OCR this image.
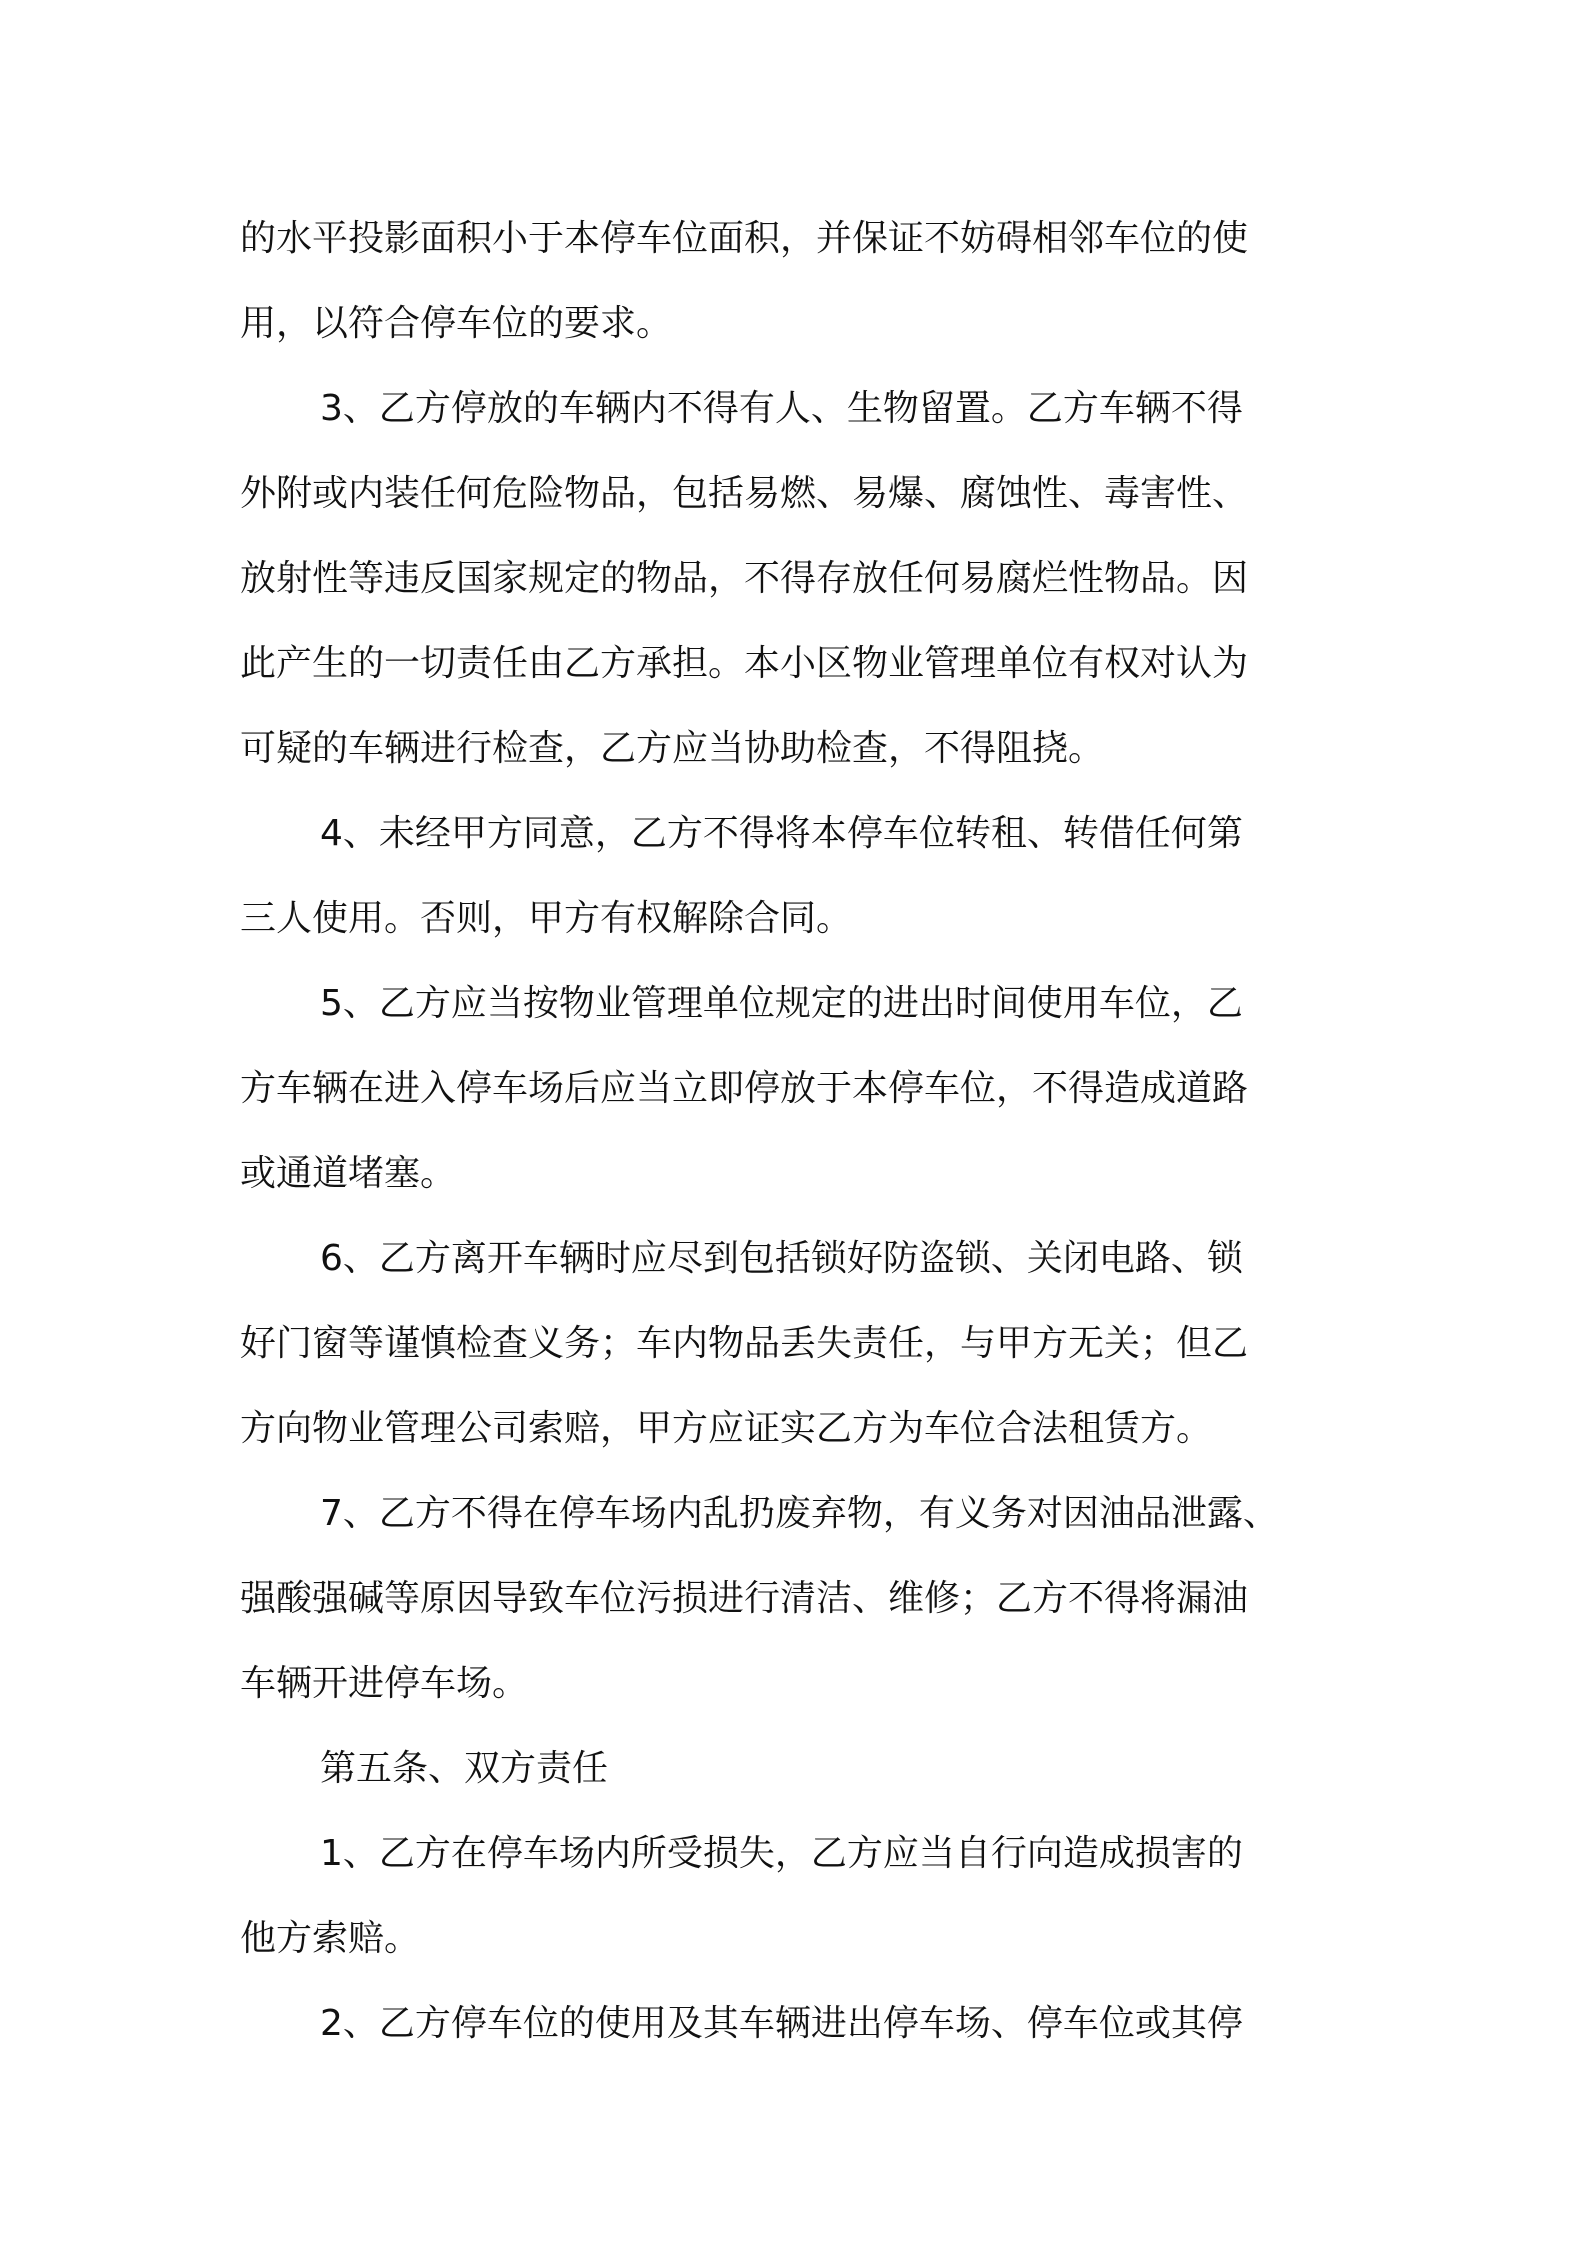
的水平投影面积小于本停车位面积，并保证不妨碍相邻车位的使
用，以符合停车位的要求。

3、乙方停放的车辆内不得有人、生物留置。乙方车辆不得
外附或内装任何危险物品，包括易燃、易爆、腐蚀性、毒害性、
放射性等违反国家规定的物品，不得存放任何易腐烂性物品。因
此产生的一切责任由乙方承担。本小区物业管理单位有权对认为
可疑的车辆进行检查，乙方应当协助检查，不得阻挠。

4、未经甲方同意，乙方不得将本停车位转租、转借任何第
三人使用。否则，甲方有权解除合同。

5、乙方应当按物业管理单位规定的进出时间使用车位，乙
方车辆在进入停车场后应当立即停放于本停车位，不得造成道路
或通道堵塞。

6、乙方离开车辆时应尽到包括锁好防盗锁、关闭电路、锁
好门窗等谨慎检查义务；车内物品丢失责任，与甲方无关；但乙
方向物业管理公司索赔，甲方应证实乙方为车位合法租赁方。

7、乙方不得在停车场内乱扔废弃物，有义务对因油品泄露、
强酸强碱等原因导致车位污损进行清洁、维修；乙方不得将漏油
车辆开进停车场。

第五条、双方责任

1、乙方在停车场内所受损失，乙方应当自行向造成损害的
他方索赔。

2、乙方停车位的使用及其车辆进出停车场、停车位或其停
